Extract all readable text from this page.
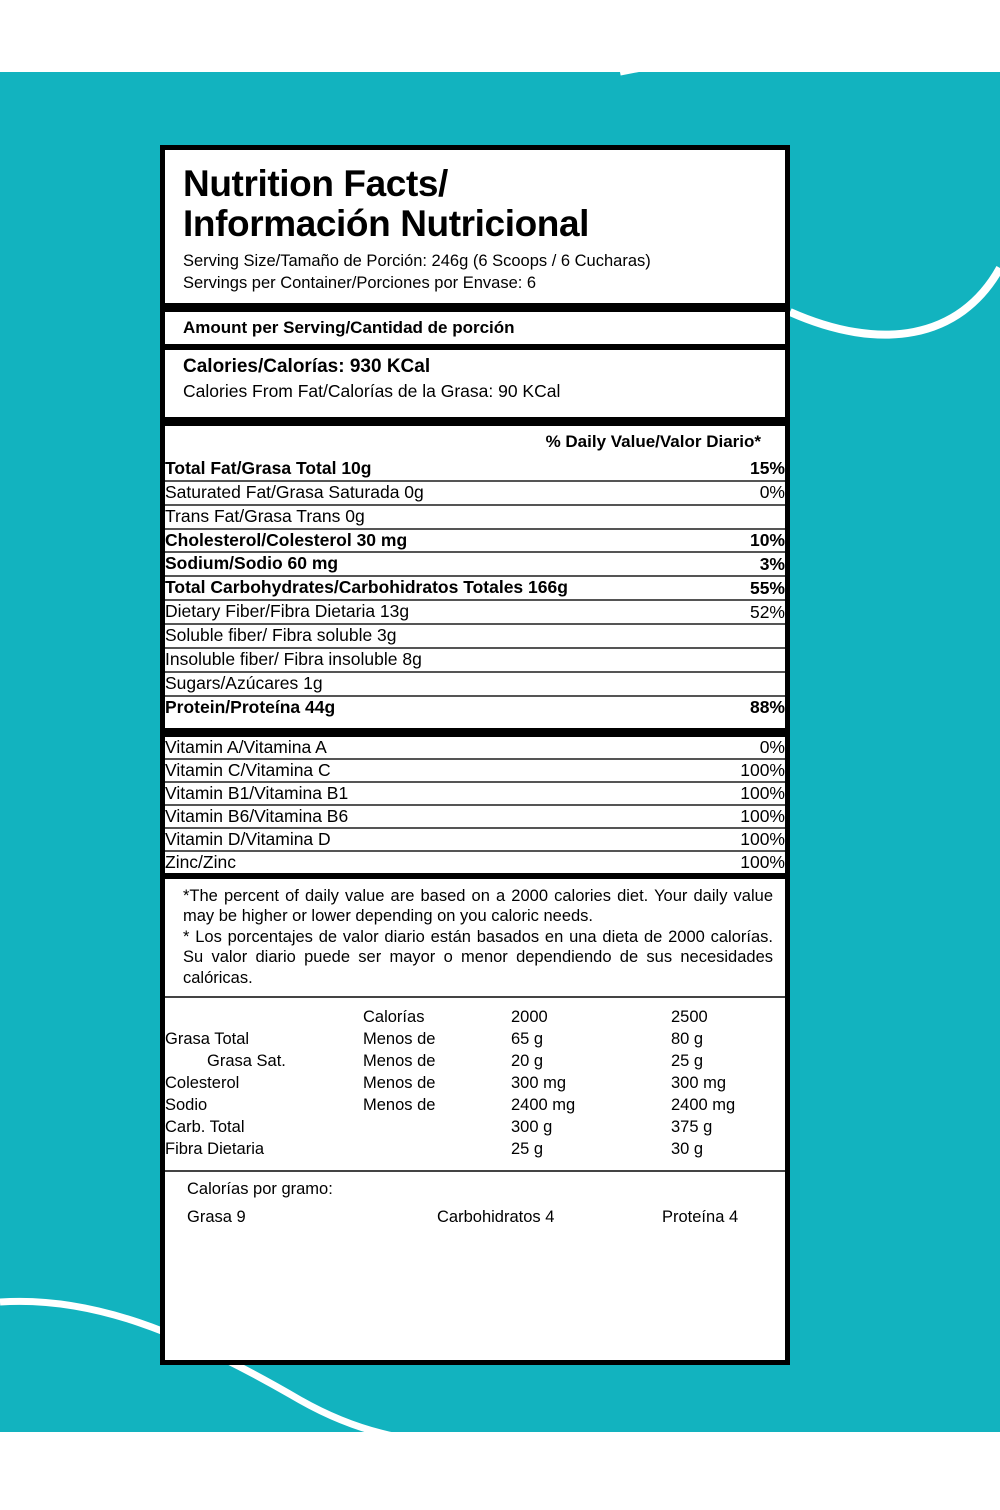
Nutrition Facts/
Información Nutricional
Serving Size/Tamaño de Porción: 246g (6 Scoops / 6 Cucharas)
Servings per Container/Porciones por Envase: 6
Amount per Serving/Cantidad de porción
Calories/Calorías: 930 KCal
Calories From Fat/Calorías de la Grasa: 90 KCal
% Daily Value/Valor Diario*
Total Fat/Grasa Total 10g	15%
Saturated Fat/Grasa Saturada 0g	0%
Trans Fat/Grasa Trans 0g	
Cholesterol/Colesterol 30 mg	10%
Sodium/Sodio 60 mg	3%
Total Carbohydrates/Carbohidratos Totales 166g	55%
Dietary Fiber/Fibra Dietaria 13g	52%
Soluble fiber/ Fibra soluble 3g	
Insoluble fiber/ Fibra insoluble 8g	
Sugars/Azúcares 1g	
Protein/Proteína 44g	88%
Vitamin A/Vitamina A	0%
Vitamin C/Vitamina C	100%
Vitamin B1/Vitamina B1	100%
Vitamin B6/Vitamina B6	100%
Vitamin D/Vitamina D	100%
Zinc/Zinc	100%

*The percent of daily value are based on a 2000 calories diet. Your daily value may be higher or lower depending on you caloric needs.

* Los porcentajes de valor diario están basados en una dieta de 2000 calorías. Su valor diario puede ser mayor o menor dependiendo de sus necesidades calóricas.

	Calorías	2000	2500
Grasa Total	Menos de	65 g	80 g
Grasa Sat.	Menos de	20 g	25 g
Colesterol	Menos de	300 mg	300 mg
Sodio	Menos de	2400 mg	2400 mg
Carb. Total		300 g	375 g
Fibra Dietaria		25 g	30 g
Calorías por gramo:
Grasa 9	Carbohidratos 4	Proteína 4
